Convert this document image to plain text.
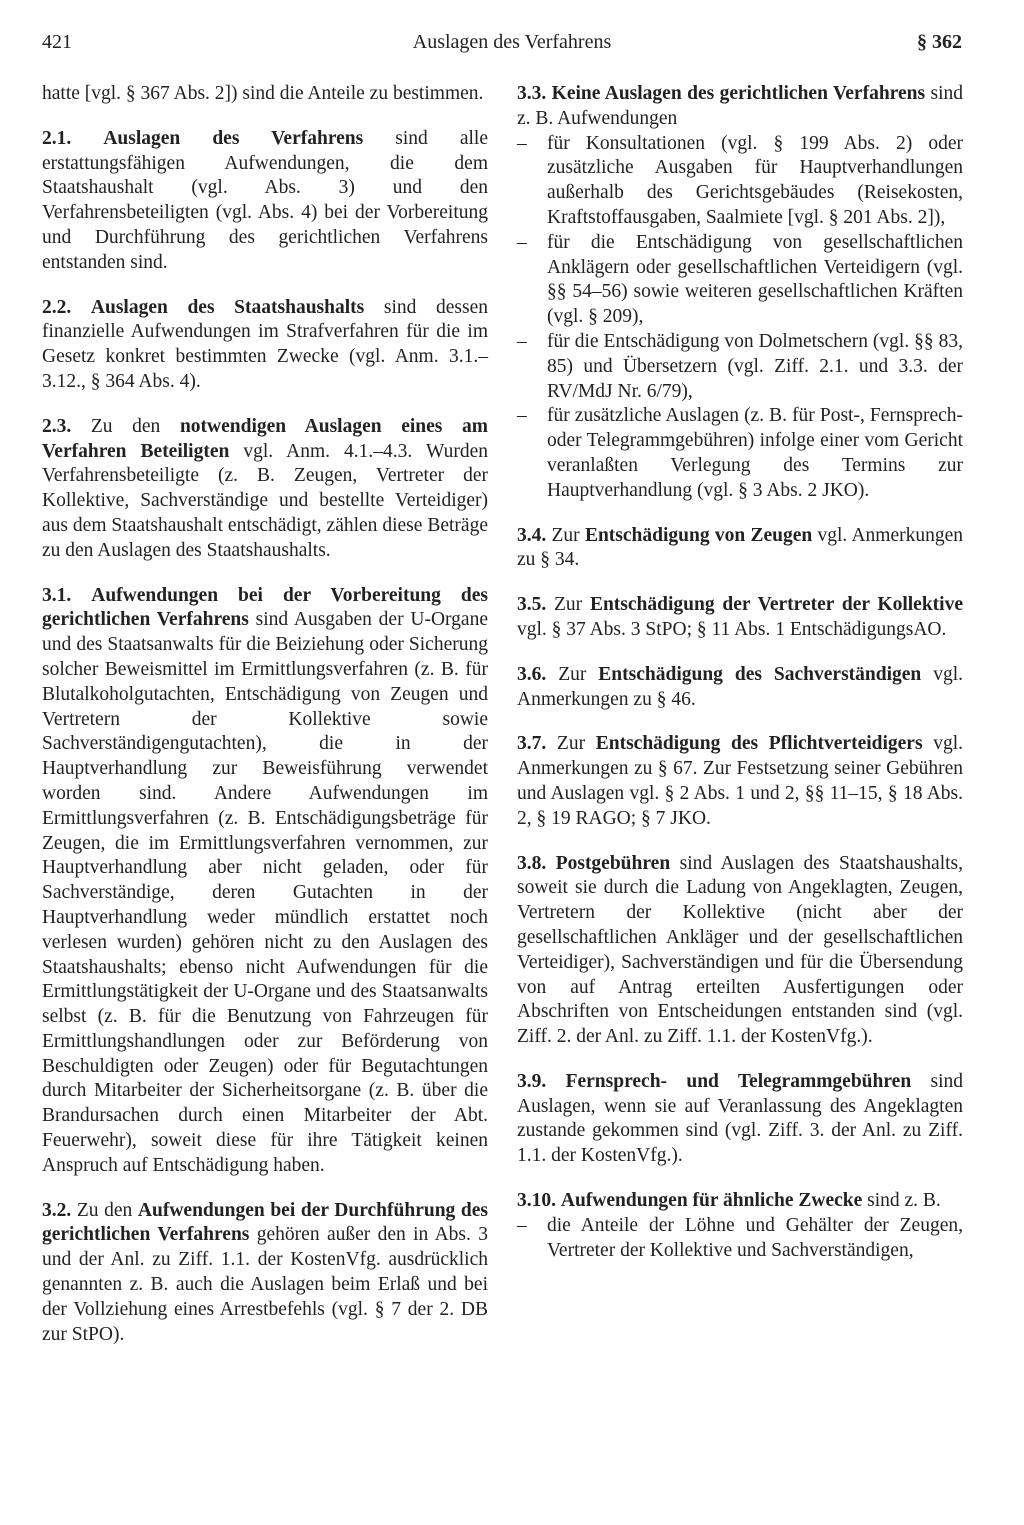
421	Auslagen des Verfahrens	§ 362

hatte [vgl. § 367 Abs. 2]) sind die Anteile zu bestimmen.

2.1. Auslagen des Verfahrens sind alle erstattungsfähigen Aufwendungen, die dem Staatshaushalt (vgl. Abs. 3) und den Verfahrensbeteiligten (vgl. Abs. 4) bei der Vorbereitung und Durchführung des gerichtlichen Verfahrens entstanden sind.

2.2. Auslagen des Staatshaushalts sind dessen finanzielle Aufwendungen im Strafverfahren für die im Gesetz konkret bestimmten Zwecke (vgl. Anm. 3.1.–3.12., § 364 Abs. 4).

2.3. Zu den notwendigen Auslagen eines am Verfahren Beteiligten vgl. Anm. 4.1.–4.3. Wurden Verfahrensbeteiligte (z. B. Zeugen, Vertreter der Kollektive, Sachverständige und bestellte Verteidiger) aus dem Staatshaushalt entschädigt, zählen diese Beträge zu den Auslagen des Staatshaushalts.

3.1. Aufwendungen bei der Vorbereitung des gerichtlichen Verfahrens sind Ausgaben der U-Organe und des Staatsanwalts für die Beiziehung oder Sicherung solcher Beweismittel im Ermittlungsverfahren (z. B. für Blutalkoholgutachten, Entschädigung von Zeugen und Vertretern der Kollektive sowie Sachverständigengutachten), die in der Hauptverhandlung zur Beweisführung verwendet worden sind. Andere Aufwendungen im Ermittlungsverfahren (z. B. Entschädigungsbeträge für Zeugen, die im Ermittlungsverfahren vernommen, zur Hauptverhandlung aber nicht geladen, oder für Sachverständige, deren Gutachten in der Hauptverhandlung weder mündlich erstattet noch verlesen wurden) gehören nicht zu den Auslagen des Staatshaushalts; ebenso nicht Aufwendungen für die Ermittlungstätigkeit der U-Organe und des Staatsanwalts selbst (z. B. für die Benutzung von Fahrzeugen für Ermittlungshandlungen oder zur Beförderung von Beschuldigten oder Zeugen) oder für Begutachtungen durch Mitarbeiter der Sicherheitsorgane (z. B. über die Brandursachen durch einen Mitarbeiter der Abt. Feuerwehr), soweit diese für ihre Tätigkeit keinen Anspruch auf Entschädigung haben.

3.2. Zu den Aufwendungen bei der Durchführung des gerichtlichen Verfahrens gehören außer den in Abs. 3 und der Anl. zu Ziff. 1.1. der KostenVfg. ausdrücklich genannten z. B. auch die Auslagen beim Erlaß und bei der Vollziehung eines Arrestbefehls (vgl. § 7 der 2. DB zur StPO).

3.3. Keine Auslagen des gerichtlichen Verfahrens sind z. B. Aufwendungen

– für Konsultationen (vgl. § 199 Abs. 2) oder zusätzliche Ausgaben für Hauptverhandlungen außerhalb des Gerichtsgebäudes (Reisekosten, Kraftstoffausgaben, Saalmiete [vgl. § 201 Abs. 2]),
– für die Entschädigung von gesellschaftlichen Anklägern oder gesellschaftlichen Verteidigern (vgl. §§ 54–56) sowie weiteren gesellschaftlichen Kräften (vgl. § 209),
– für die Entschädigung von Dolmetschern (vgl. §§ 83, 85) und Übersetzern (vgl. Ziff. 2.1. und 3.3. der RV/MdJ Nr. 6/79),
– für zusätzliche Auslagen (z. B. für Post-, Fernsprech- oder Telegrammgebühren) infolge einer vom Gericht veranlaßten Verlegung des Termins zur Hauptverhandlung (vgl. § 3 Abs. 2 JKO).

3.4. Zur Entschädigung von Zeugen vgl. Anmerkungen zu § 34.

3.5. Zur Entschädigung der Vertreter der Kollektive vgl. § 37 Abs. 3 StPO; § 11 Abs. 1 EntschädigungsAO.

3.6. Zur Entschädigung des Sachverständigen vgl. Anmerkungen zu § 46.

3.7. Zur Entschädigung des Pflichtverteidigers vgl. Anmerkungen zu § 67. Zur Festsetzung seiner Gebühren und Auslagen vgl. § 2 Abs. 1 und 2, §§ 11–15, § 18 Abs. 2, § 19 RAGO; § 7 JKO.

3.8. Postgebühren sind Auslagen des Staatshaushalts, soweit sie durch die Ladung von Angeklagten, Zeugen, Vertretern der Kollektive (nicht aber der gesellschaftlichen Ankläger und der gesellschaftlichen Verteidiger), Sachverständigen und für die Übersendung von auf Antrag erteilten Ausfertigungen oder Abschriften von Entscheidungen entstanden sind (vgl. Ziff. 2. der Anl. zu Ziff. 1.1. der KostenVfg.).

3.9. Fernsprech- und Telegrammgebühren sind Auslagen, wenn sie auf Veranlassung des Angeklagten zustande gekommen sind (vgl. Ziff. 3. der Anl. zu Ziff. 1.1. der KostenVfg.).

3.10. Aufwendungen für ähnliche Zwecke sind z. B.

– die Anteile der Löhne und Gehälter der Zeugen, Vertreter der Kollektive und Sachverständigen,
